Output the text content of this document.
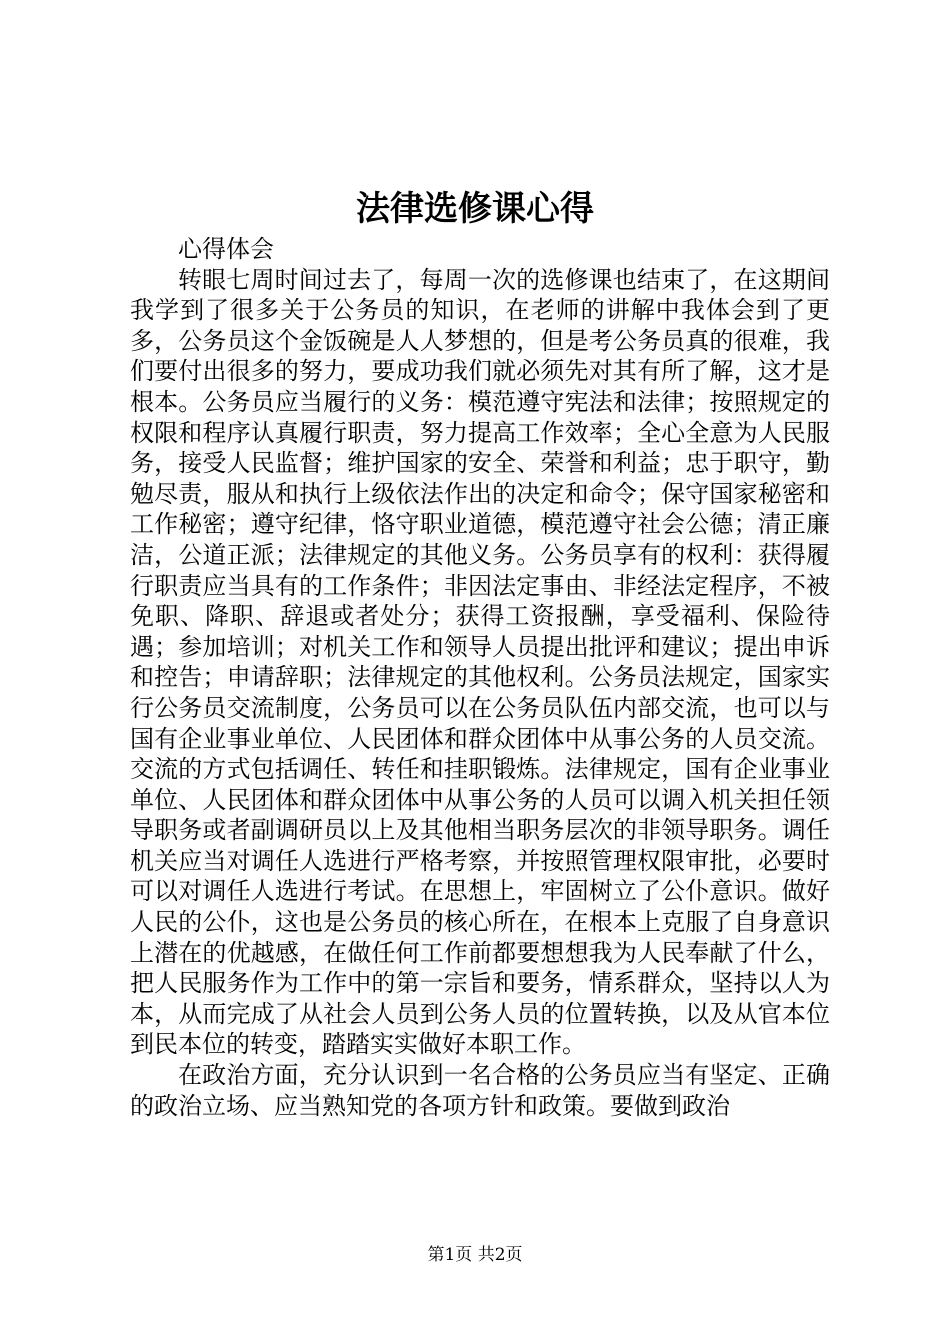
法律选修课心得

心得体会

转眼七周时间过去了，每周一次的选修课也结束了，在这期间我学到了很多关于公务员的知识，在老师的讲解中我体会到了更多，公务员这个金饭碗是人人梦想的，但是考公务员真的很难，我们要付出很多的努力，要成功我们就必须先对其有所了解，这才是根本。公务员应当履行的义务：模范遵守宪法和法律；按照规定的权限和程序认真履行职责，努力提高工作效率；全心全意为人民服务，接受人民监督；维护国家的安全、荣誉和利益；忠于职守，勤勉尽责，服从和执行上级依法作出的决定和命令；保守国家秘密和工作秘密；遵守纪律，恪守职业道德，模范遵守社会公德；清正廉洁，公道正派；法律规定的其他义务。公务员享有的权利：获得履行职责应当具有的工作条件；非因法定事由、非经法定程序，不被免职、降职、辞退或者处分；获得工资报酬，享受福利、保险待遇；参加培训；对机关工作和领导人员提出批评和建议；提出申诉和控告；申请辞职；法律规定的其他权利。公务员法规定，国家实行公务员交流制度，公务员可以在公务员队伍内部交流，也可以与国有企业事业单位、人民团体和群众团体中从事公务的人员交流。交流的方式包括调任、转任和挂职锻炼。法律规定，国有企业事业单位、人民团体和群众团体中从事公务的人员可以调入机关担任领导职务或者副调研员以上及其他相当职务层次的非领导职务。调任机关应当对调任人选进行严格考察，并按照管理权限审批，必要时可以对调任人选进行考试。在思想上，牢固树立了公仆意识。做好人民的公仆，这也是公务员的核心所在，在根本上克服了自身意识上潜在的优越感，在做任何工作前都要想想我为人民奉献了什么，把人民服务作为工作中的第一宗旨和要务，情系群众，坚持以人为本，从而完成了从社会人员到公务人员的位置转换，以及从官本位到民本位的转变，踏踏实实做好本职工作。

在政治方面，充分认识到一名合格的公务员应当有坚定、正确的政治立场、应当熟知党的各项方针和政策。要做到政治

第1页 共2页
